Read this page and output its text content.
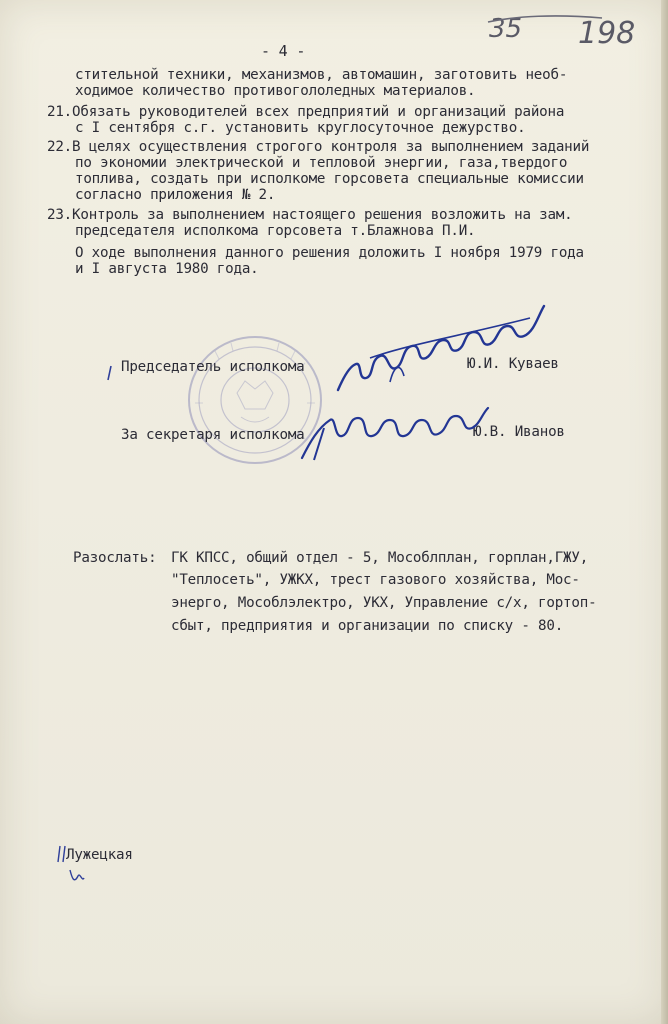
35 198
- 4 -
стительной техники, механизмов, автомашин, заготовить необ-
ходимое количество противогололедных материалов.
21.Обязать руководителей всех предприятий и организаций района
с I сентября с.г. установить круглосуточное дежурство.
22.В целях осуществления строгого контроля за выполнением заданий
по экономии электрической и тепловой энергии, газа,твердого
топлива, создать при исполкоме горсовета специальные комиссии
согласно приложения № 2.
23.Контроль за выполнением настоящего решения возложить на зам.
председателя исполкома горсовета т.Блажнова П.И.
О ходе выполнения данного решения доложить I ноября 1979 года
и I августа 1980 года.
Председатель исполкома	Ю.И. Куваев
За секретаря исполкома	Ю.В. Иванов
Разослать: ГК КПСС, общий отдел - 5, Мособлплан, горплан,ГЖУ,
"Теплосеть", УЖКХ, трест газового хозяйства, Мос-
энерго, Мособлэлектро, УКХ, Управление с/х, гортоп-
сбыт, предприятия и организации по списку - 80.
Лужецкая
